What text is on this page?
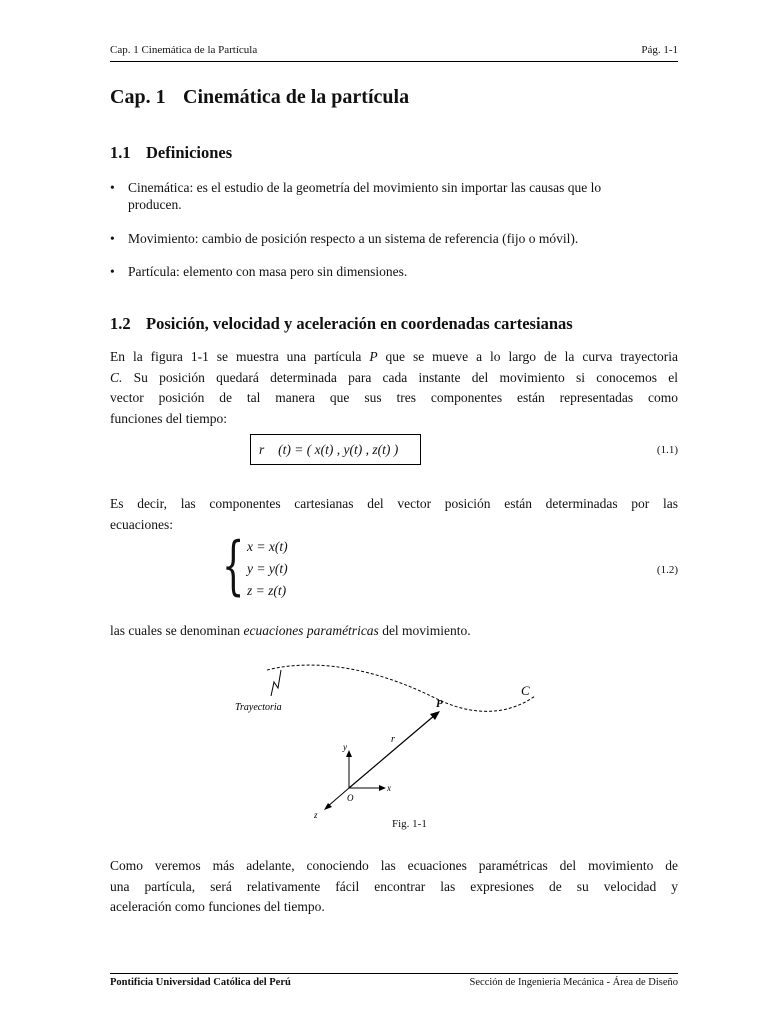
Cap. 1 Cinemática de la Partícula	Pág. 1-1
Cap. 1 Cinemática de la partícula
1.1 Definiciones
• Cinemática: es el estudio de la geometría del movimiento sin importar las causas que lo
producen.
• Movimiento: cambio de posición respecto a un sistema de referencia (fijo o móvil).
• Partícula: elemento con masa pero sin dimensiones.
1.2 Posición, velocidad y aceleración en coordenadas cartesianas
En la figura 1-1 se muestra una partícula P que se mueve a lo largo de la curva trayectoria
C. Su posición quedará determinada para cada instante del movimiento si conocemos el
vector posición de tal manera que sus tres componentes están representadas como
funciones del tiempo:
r⃗ (t) = ( x(t) , y(t) , z(t) )	(1.1)
Es decir, las componentes cartesianas del vector posición están determinadas por las
ecuaciones:
{ x = x(t)
y = y(t)
z = z(t)
(1.2)
las cuales se denominan ecuaciones paramétricas del movimiento.
Trayectoria	P
C
r⃗
y
x
z
O
Fig. 1-1
Como veremos más adelante, conociendo las ecuaciones paramétricas del movimiento de
una partícula, será relativamente fácil encontrar las expresiones de su velocidad y
aceleración como funciones del tiempo.
Pontificia Universidad Católica del Perú	Sección de Ingeniería Mecánica - Área de Diseño
